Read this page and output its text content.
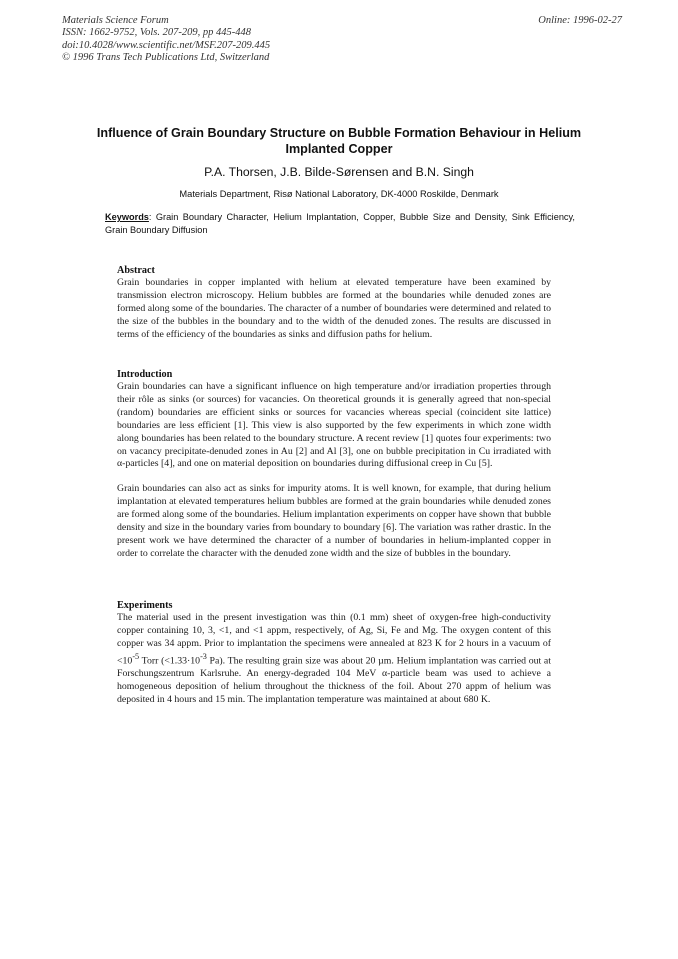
Materials Science Forum
ISSN: 1662-9752, Vols. 207-209, pp 445-448
doi:10.4028/www.scientific.net/MSF.207-209.445
© 1996 Trans Tech Publications Ltd, Switzerland
Online: 1996-02-27
Influence of Grain Boundary Structure on Bubble Formation Behaviour in Helium Implanted Copper
P.A. Thorsen, J.B. Bilde-Sørensen and B.N. Singh
Materials Department, Risø National Laboratory, DK-4000 Roskilde, Denmark
Keywords: Grain Boundary Character, Helium Implantation, Copper, Bubble Size and Density, Sink Efficiency, Grain Boundary Diffusion
Abstract

Grain boundaries in copper implanted with helium at elevated temperature have been examined by transmission electron microscopy. Helium bubbles are formed at the boundaries while denuded zones are formed along some of the boundaries. The character of a number of boundaries were determined and related to the size of the bubbles in the boundary and to the width of the denuded zones. The results are discussed in terms of the efficiency of the boundaries as sinks and diffusion paths for helium.

Introduction

Grain boundaries can have a significant influence on high temperature and/or irradiation properties through their rôle as sinks (or sources) for vacancies. On theoretical grounds it is generally agreed that non-special (random) boundaries are efficient sinks or sources for vacancies whereas special (coincident site lattice) boundaries are less efficient [1]. This view is also supported by the few experiments in which zone width along boundaries has been related to the boundary structure. A recent review [1] quotes four experiments: two on vacancy precipitate-denuded zones in Au [2] and Al [3], one on bubble precipitation in Cu irradiated with α-particles [4], and one on material deposition on boundaries during diffusional creep in Cu [5].

Grain boundaries can also act as sinks for impurity atoms. It is well known, for example, that during helium implantation at elevated temperatures helium bubbles are formed at the grain boundaries while denuded zones are formed along some of the boundaries. Helium implantation experiments on copper have shown that bubble density and size in the boundary varies from boundary to boundary [6]. The variation was rather drastic. In the present work we have determined the character of a number of boundaries in helium-implanted copper in order to correlate the character with the denuded zone width and the size of bubbles in the boundary.

Experiments

The material used in the present investigation was thin (0.1 mm) sheet of oxygen-free high-conductivity copper containing 10, 3, <1, and <1 appm, respectively, of Ag, Si, Fe and Mg. The oxygen content of this copper was 34 appm. Prior to implantation the specimens were annealed at 823 K for 2 hours in a vacuum of $<10^{-5}$ Torr ($<1.33\cdot 10^{-3}$ Pa). The resulting grain size was about 20 µm. Helium implantation was carried out at Forschungszentrum Karlsruhe. An energy-degraded 104 MeV α-particle beam was used to achieve a homogeneous deposition of helium throughout the thickness of the foil. About 270 appm of helium was deposited in 4 hours and 15 min. The implantation temperature was maintained at about 680 K.
